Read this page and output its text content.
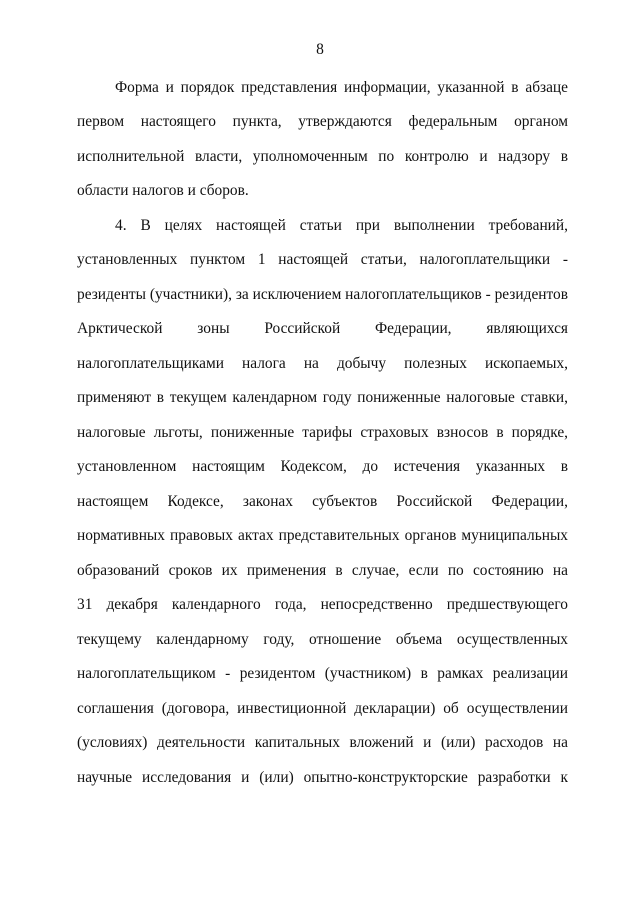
8
Форма и порядок представления информации, указанной в абзаце
первом настоящего пункта, утверждаются федеральным органом
исполнительной власти, уполномоченным по контролю и надзору в
области налогов и сборов.
4. В целях настоящей статьи при выполнении требований,
установленных пунктом 1 настоящей статьи, налогоплательщики -
резиденты (участники), за исключением налогоплательщиков - резидентов
Арктической зоны Российской Федерации, являющихся
налогоплательщиками налога на добычу полезных ископаемых,
применяют в текущем календарном году пониженные налоговые ставки,
налоговые льготы, пониженные тарифы страховых взносов в порядке,
установленном настоящим Кодексом, до истечения указанных в
настоящем Кодексе, законах субъектов Российской Федерации,
нормативных правовых актах представительных органов муниципальных
образований сроков их применения в случае, если по состоянию на
31 декабря календарного года, непосредственно предшествующего
текущему календарному году, отношение объема осуществленных
налогоплательщиком - резидентом (участником) в рамках реализации
соглашения (договора, инвестиционной декларации) об осуществлении
(условиях) деятельности капитальных вложений и (или) расходов на
научные исследования и (или) опытно-конструкторские разработки к
